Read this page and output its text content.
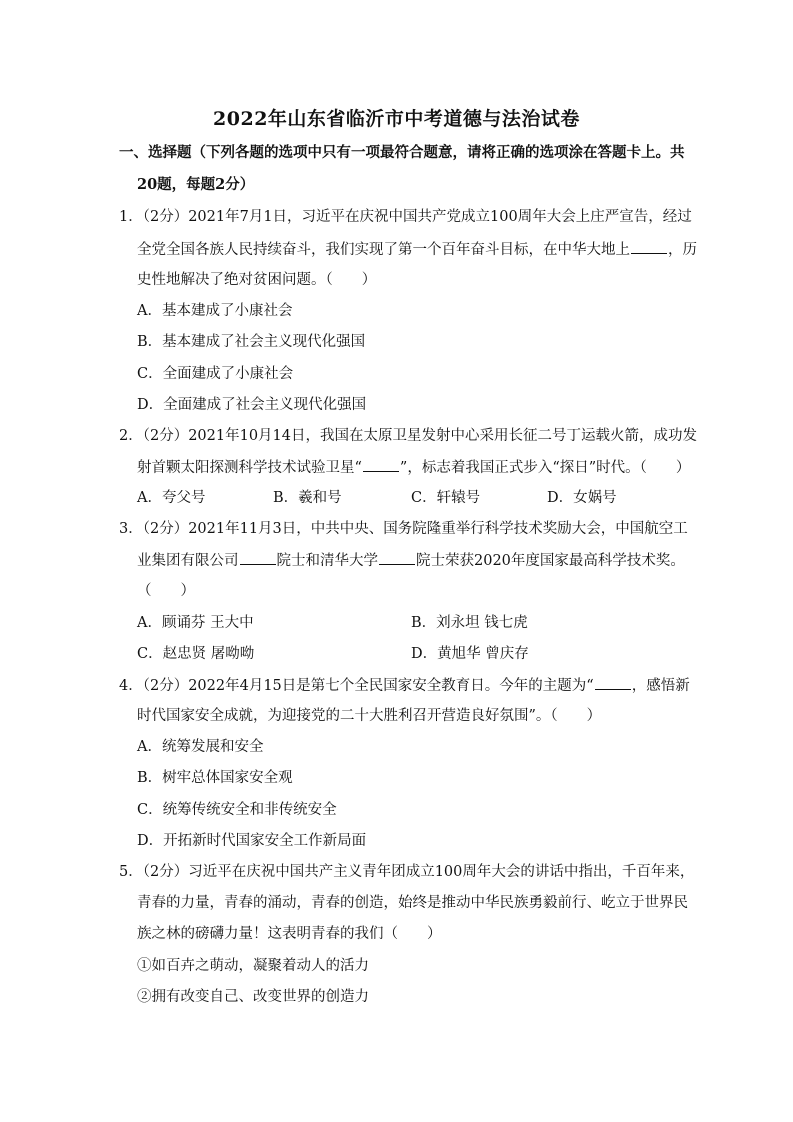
2022年山东省临沂市中考道德与法治试卷
一、选择题（下列各题的选项中只有一项最符合题意，请将正确的选项涂在答题卡上。共
20题，每题2分）
1．（2分）2021年7月1日，习近平在庆祝中国共产党成立100周年大会上庄严宣告，经过
全党全国各族人民持续奋斗，我们实现了第一个百年奋斗目标，在中华大地上	，历
史性地解决了绝对贫困问题。（　　）
A．基本建成了小康社会
B．基本建成了社会主义现代化强国
C．全面建成了小康社会
D．全面建成了社会主义现代化强国
2．（2分）2021年10月14日，我国在太原卫星发射中心采用长征二号丁运载火箭，成功发
射首颗太阳探测科学技术试验卫星“	”，标志着我国正式步入“探日”时代。（　　）
A．夸父号	B．羲和号	C．轩辕号	D．女娲号
3．（2分）2021年11月3日，中共中央、国务院隆重举行科学技术奖励大会，中国航空工
业集团有限公司	院士和清华大学	院士荣获2020年度国家最高科学技术奖。
（　　）
A．顾诵芬 王大中	B．刘永坦 钱七虎
C．赵忠贤 屠呦呦	D．黄旭华 曾庆存
4．（2分）2022年4月15日是第七个全民国家安全教育日。今年的主题为“	，感悟新
时代国家安全成就，为迎接党的二十大胜利召开营造良好氛围”。（　　）
A．统筹发展和安全
B．树牢总体国家安全观
C．统筹传统安全和非传统安全
D．开拓新时代国家安全工作新局面
5．（2分）习近平在庆祝中国共产主义青年团成立100周年大会的讲话中指出，千百年来，
青春的力量，青春的涌动，青春的创造，始终是推动中华民族勇毅前行、屹立于世界民
族之林的磅礴力量！这表明青春的我们（　　）
①如百卉之萌动，凝聚着动人的活力
②拥有改变自己、改变世界的创造力
